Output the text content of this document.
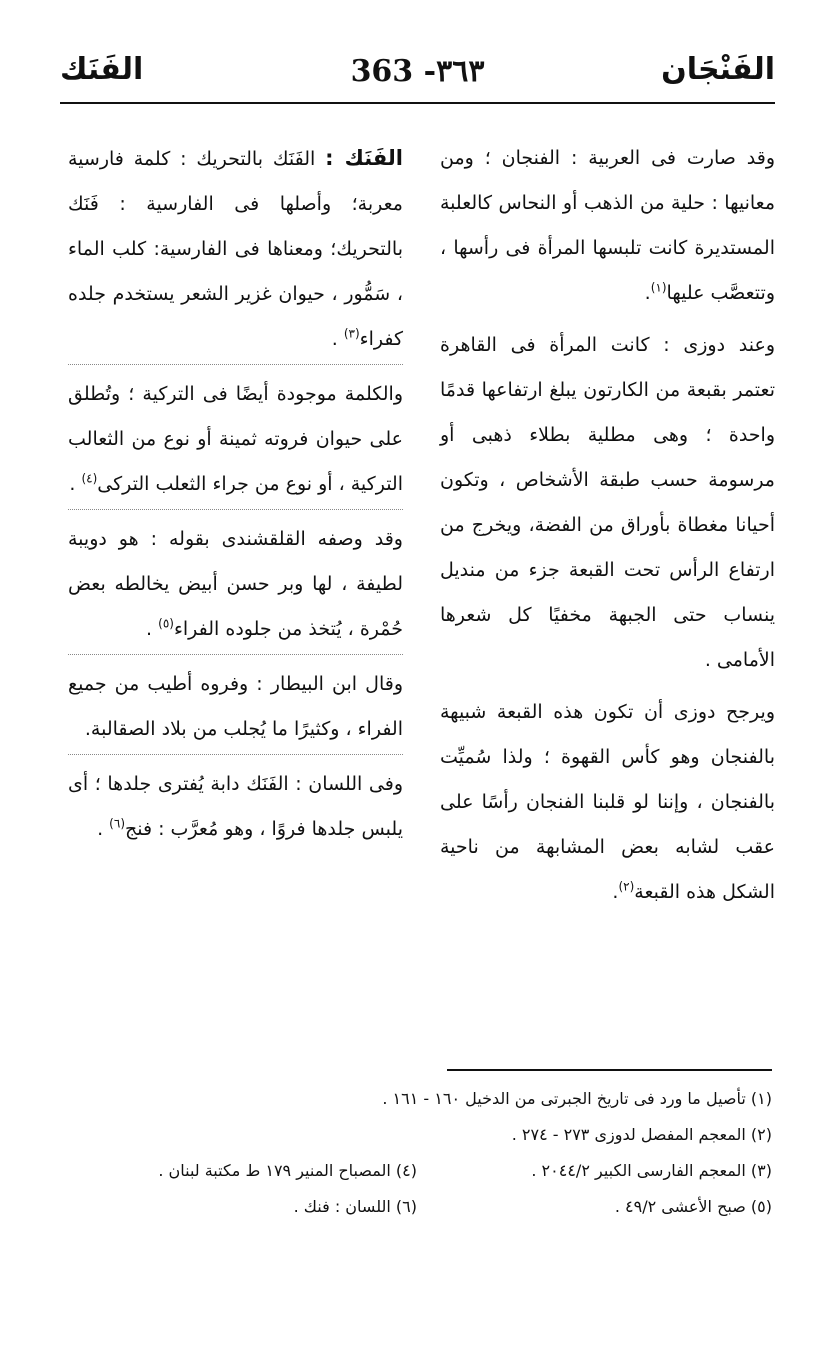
الفَنْجَان
363 -٣٦٣
الفَنَك

وقد صارت فى العربية : الفنجان ؛ ومن معانيها : حلية من الذهب أو النحاس كالعلبة المستديرة كانت تلبسها المرأة فى رأسها ، وتتعصَّب عليها$^{(١)}$.

وعند دوزى : كانت المرأة فى القاهرة تعتمر بقبعة من الكارتون يبلغ ارتفاعها قدمًا واحدة ؛ وهى مطلية بطلاء ذهبى أو مرسومة حسب طبقة الأشخاص ، وتكون أحيانا مغطاة بأوراق من الفضة، ويخرج من ارتفاع الرأس تحت القبعة جزء من منديل ينساب حتى الجبهة مخفيًا كل شعرها الأمامى .

ويرجح دوزى أن تكون هذه القبعة شبيهة بالفنجان وهو كأس القهوة ؛ ولذا سُميِّت بالفنجان ، وإننا لو قلبنا الفنجان رأسًا على عقب لشابه بعض المشابهة من ناحية الشكل هذه القبعة$^{(٢)}$.

الفَنَك : الفَنَك بالتحريك : كلمة فارسية معربة؛ وأصلها فى الفارسية : فَنَك بالتحريك؛ ومعناها فى الفارسية: كلب الماء ، سَمُّور ، حيوان غزير الشعر يستخدم جلده كفراء$^{(٣)}$ .

والكلمة موجودة أيضًا فى التركية ؛ وتُطلق على حيوان فروته ثمينة أو نوع من الثعالب التركية ، أو نوع من جراء الثعلب التركى$^{(٤)}$ .

وقد وصفه القلقشندى بقوله : هو دويبة لطيفة ، لها وبر حسن أبيض يخالطه بعض حُمْرة ، يُتخذ من جلوده الفراء$^{(٥)}$ .

وقال ابن البيطار : وفروه أطيب من جميع الفراء ، وكثيرًا ما يُجلب من بلاد الصقالبة.

وفى اللسان : الفَنَك دابة يُفترى جلدها ؛ أى يلبس جلدها فروًا ، وهو مُعرَّب : فنج$^{(٦)}$ .

(١) تأصيل ما ورد فى تاريخ الجبرتى من الدخيل ١٦٠ - ١٦١ .
(٢) المعجم المفصل لدوزى ٢٧٣ - ٢٧٤ .
(٣) المعجم الفارسى الكبير ٢٠٤٤/٢ .
(٤) المصباح المنير ١٧٩ ط مكتبة لبنان .
(٥) صبح الأعشى ٤٩/٢ .
(٦) اللسان : فنك .
